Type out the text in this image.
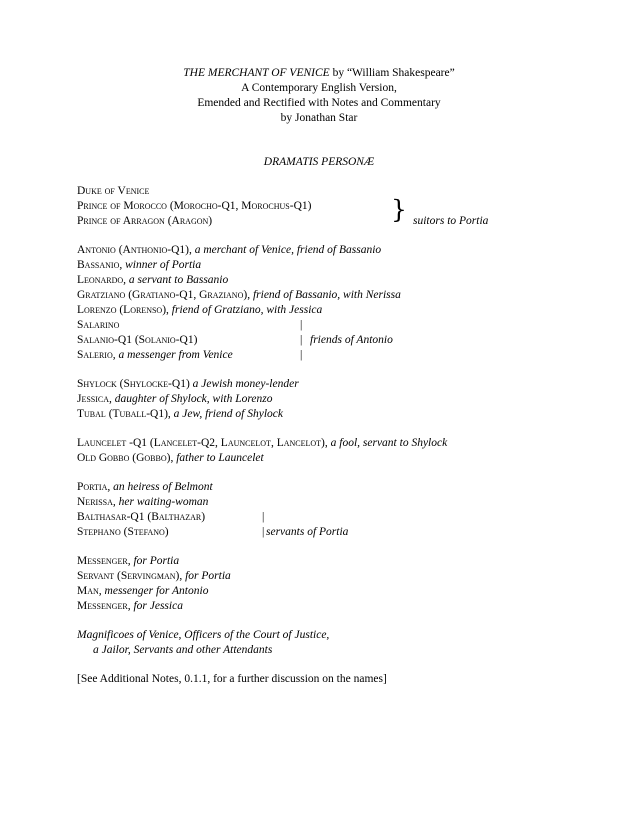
THE MERCHANT OF VENICE by “William Shakespeare”
A Contemporary English Version,
Emended and Rectified with Notes and Commentary
by Jonathan Star
DRAMATIS PERSONÆ
Duke of Venice
Prince of Morocco (Morocho-Q1, Morochus-Q1)
Prince of Arragon (Aragon)	} suitors to Portia
Antonio (Anthonio-Q1), a merchant of Venice, friend of Bassanio
Bassanio, winner of Portia
Leonardo, a servant to Bassanio
Gratziano (Gratiano-Q1, Graziano), friend of Bassanio, with Nerissa
Lorenzo (Lorenso), friend of Gratziano, with Jessica
Salarino
Salanio-Q1 (Solanio-Q1)
Salerio, a messenger from Venice
|
|
|
friends of Antonio
Shylock (Shylocke-Q1) a Jewish money-lender
Jessica, daughter of Shylock, with Lorenzo
Tubal (Tuball-Q1), a Jew, friend of Shylock
Launcelet -Q1 (Lancelet-Q2, Launcelot, Lancelot), a fool, servant to Shylock
Old Gobbo (Gobbo), father to Launcelet
Portia, an heiress of Belmont
Nerissa, her waiting-woman
Balthasar-Q1 (Balthazar)
Stephano (Stefano)
|
| servants of Portia
Messenger, for Portia
Servant (Servingman), for Portia
Man, messenger for Antonio
Messenger, for Jessica
Magnificoes of Venice, Officers of the Court of Justice,
a Jailor, Servants and other Attendants
[See Additional Notes, 0.1.1, for a further discussion on the names]
